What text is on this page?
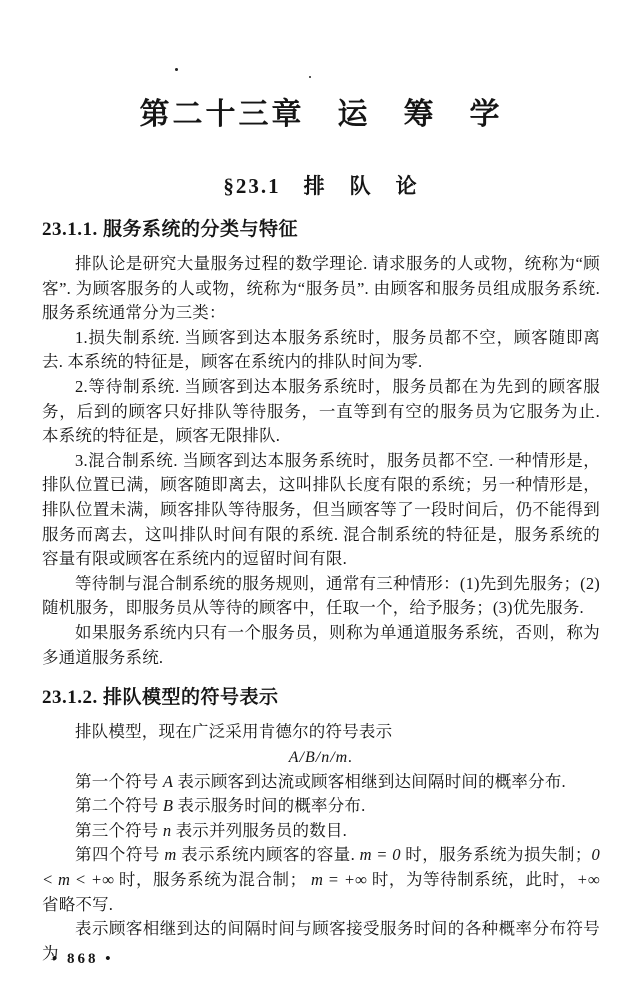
第二十三章　运　筹　学
§23.1　排　队　论
23.1.1. 服务系统的分类与特征

排队论是研究大量服务过程的数学理论. 请求服务的人或物，统称为“顾客”. 为顾客服务的人或物，统称为“服务员”. 由顾客和服务员组成服务系统. 服务系统通常分为三类：

1.损失制系统. 当顾客到达本服务系统时，服务员都不空，顾客随即离去. 本系统的特征是，顾客在系统内的排队时间为零.

2.等待制系统. 当顾客到达本服务系统时，服务员都在为先到的顾客服务，后到的顾客只好排队等待服务，一直等到有空的服务员为它服务为止. 本系统的特征是，顾客无限排队.

3.混合制系统. 当顾客到达本服务系统时，服务员都不空. 一种情形是，排队位置已满，顾客随即离去，这叫排队长度有限的系统；另一种情形是，排队位置未满，顾客排队等待服务，但当顾客等了一段时间后，仍不能得到服务而离去，这叫排队时间有限的系统. 混合制系统的特征是，服务系统的容量有限或顾客在系统内的逗留时间有限.

等待制与混合制系统的服务规则，通常有三种情形：(1)先到先服务；(2)随机服务，即服务员从等待的顾客中，任取一个，给予服务；(3)优先服务.

如果服务系统内只有一个服务员，则称为单通道服务系统，否则，称为多通道服务系统.

23.1.2. 排队模型的符号表示

排队模型，现在广泛采用肯德尔的符号表示

A/B/n/m.

第一个符号 A 表示顾客到达流或顾客相继到达间隔时间的概率分布.

第二个符号 B 表示服务时间的概率分布.

第三个符号 n 表示并列服务员的数目.

第四个符号 m 表示系统内顾客的容量. m = 0 时，服务系统为损失制；0 < m < +∞ 时，服务系统为混合制； m = +∞ 时，为等待制系统，此时，+∞ 省略不写.

表示顾客相继到达的间隔时间与顾客接受服务时间的各种概率分布符号为

• 868 •
